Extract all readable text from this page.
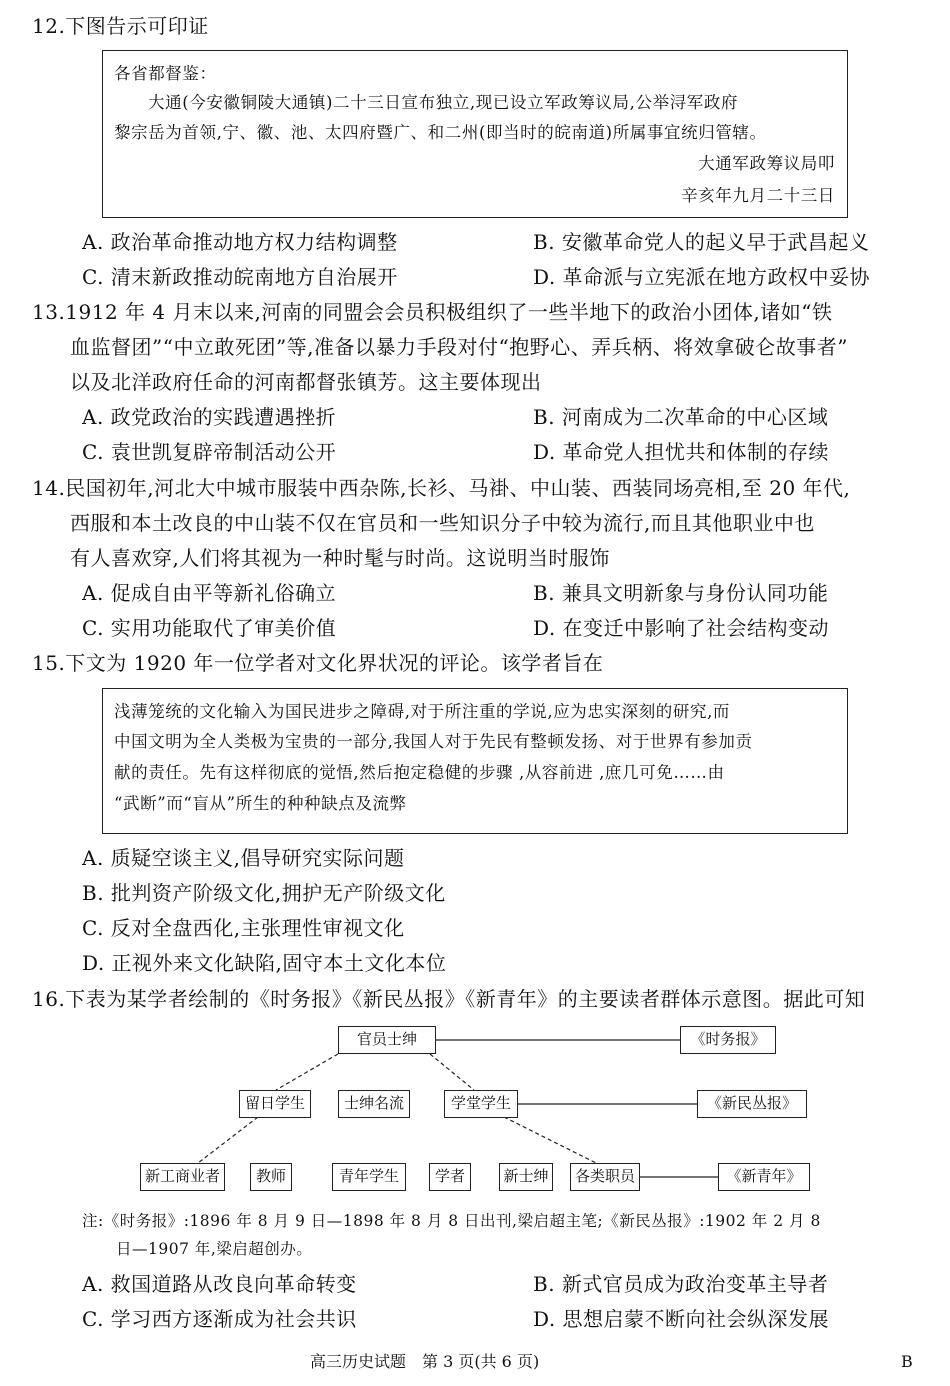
12.下图告示可印证
各省都督鉴：
大通(今安徽铜陵大通镇)二十三日宣布独立,现已设立军政筹议局,公举浔军政府
黎宗岳为首领,宁、徽、池、太四府暨广、和二州(即当时的皖南道)所属事宜统归管辖。
大通军政筹议局叩
辛亥年九月二十三日
A. 政治革命推动地方权力结构调整	B. 安徽革命党人的起义早于武昌起义
C. 清末新政推动皖南地方自治展开	D. 革命派与立宪派在地方政权中妥协
13.1912 年 4 月末以来,河南的同盟会会员积极组织了一些半地下的政治小团体,诸如“铁
血监督团”“中立敢死团”等,准备以暴力手段对付“抱野心、弄兵柄、将效拿破仑故事者”
以及北洋政府任命的河南都督张镇芳。这主要体现出
A. 政党政治的实践遭遇挫折	B. 河南成为二次革命的中心区域
C. 袁世凯复辟帝制活动公开	D. 革命党人担忧共和体制的存续
14.民国初年,河北大中城市服装中西杂陈,长衫、马褂、中山装、西装同场亮相,至 20 年代,
西服和本土改良的中山装不仅在官员和一些知识分子中较为流行,而且其他职业中也
有人喜欢穿,人们将其视为一种时髦与时尚。这说明当时服饰
A. 促成自由平等新礼俗确立	B. 兼具文明新象与身份认同功能
C. 实用功能取代了审美价值	D. 在变迁中影响了社会结构变动
15.下文为 1920 年一位学者对文化界状况的评论。该学者旨在
浅薄笼统的文化输入为国民进步之障碍,对于所注重的学说,应为忠实深刻的研究,而
中国文明为全人类极为宝贵的一部分,我国人对于先民有整顿发扬、对于世界有参加贡
献的责任。先有这样彻底的觉悟,然后抱定稳健的步骤 ,从容前进 ,庶几可免……由
“武断”而“盲从”所生的种种缺点及流弊
A. 质疑空谈主义,倡导研究实际问题
B. 批判资产阶级文化,拥护无产阶级文化
C. 反对全盘西化,主张理性审视文化
D. 正视外来文化缺陷,固守本土文化本位
16.下表为某学者绘制的《时务报》《新民丛报》《新青年》的主要读者群体示意图。据此可知
官员士绅
留日学生	士绅名流	学堂学生
新工商业者	教师	青年学生	学者	新士绅	各类职员
《时务报》
《新民丛报》
《新青年》
注:《时务报》:1896 年 8 月 9 日—1898 年 8 月 8 日出刊,梁启超主笔;《新民丛报》:1902 年 2 月 8
日—1907 年,梁启超创办。
A. 救国道路从改良向革命转变	B. 新式官员成为政治变革主导者
C. 学习西方逐渐成为社会共识	D. 思想启蒙不断向社会纵深发展
高三历史试题　第 3 页(共 6 页)	B
